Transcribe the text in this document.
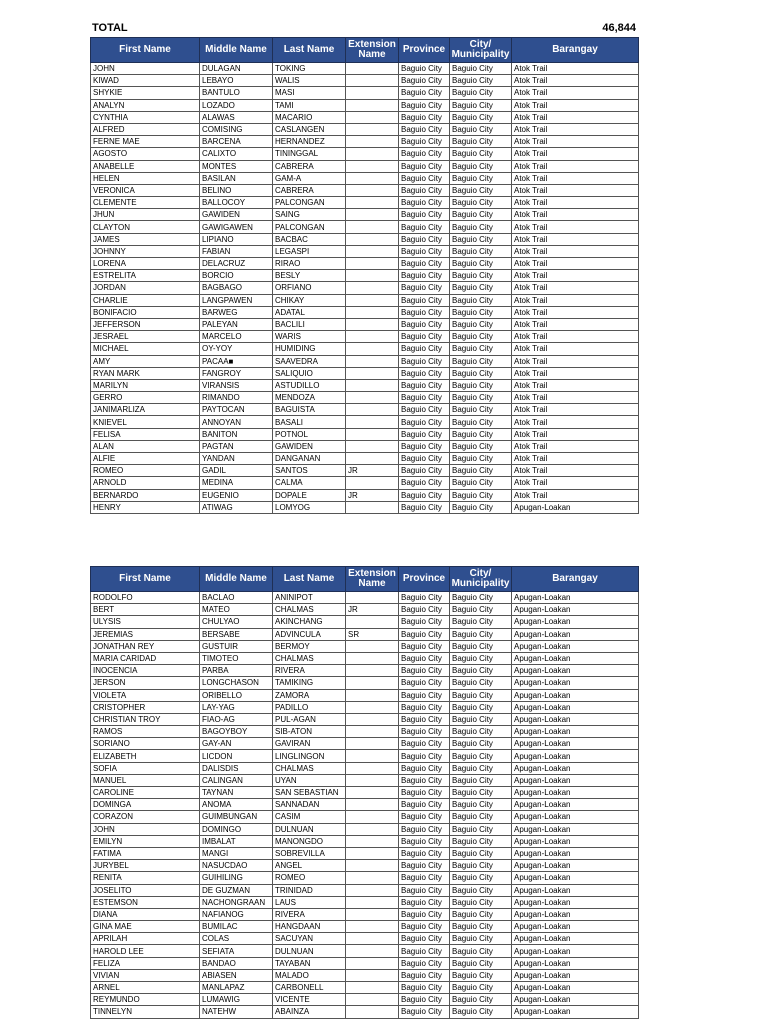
TOTAL	46,844
First Name	Middle Name	Last Name	Extension Name	Province	City/ Municipality	Barangay
JOHN	DULAGAN	TOKING		Baguio City	Baguio City	Atok Trail
KIWAD	LEBAYO	WALIS		Baguio City	Baguio City	Atok Trail
SHYKIE	BANTULO	MASI		Baguio City	Baguio City	Atok Trail
ANALYN	LOZADO	TAMI		Baguio City	Baguio City	Atok Trail
CYNTHIA	ALAWAS	MACARIO		Baguio City	Baguio City	Atok Trail
ALFRED	COMISING	CASLANGEN		Baguio City	Baguio City	Atok Trail
FERNE MAE	BARCENA	HERNANDEZ		Baguio City	Baguio City	Atok Trail
AGOSTO	CALIXTO	TININGGAL		Baguio City	Baguio City	Atok Trail
ANABELLE	MONTES	CABRERA		Baguio City	Baguio City	Atok Trail
HELEN	BASILAN	GAM-A		Baguio City	Baguio City	Atok Trail
VERONICA	BELINO	CABRERA		Baguio City	Baguio City	Atok Trail
CLEMENTE	BALLOCOY	PALCONGAN		Baguio City	Baguio City	Atok Trail
JHUN	GAWIDEN	SAING		Baguio City	Baguio City	Atok Trail
CLAYTON	GAWIGAWEN	PALCONGAN		Baguio City	Baguio City	Atok Trail
JAMES	LIPIANO	BACBAC		Baguio City	Baguio City	Atok Trail
JOHNNY	FABIAN	LEGASPI		Baguio City	Baguio City	Atok Trail
LORENA	DELACRUZ	RIRAO		Baguio City	Baguio City	Atok Trail
ESTRELITA	BORCIO	BESLY		Baguio City	Baguio City	Atok Trail
JORDAN	BAGBAGO	ORFIANO		Baguio City	Baguio City	Atok Trail
CHARLIE	LANGPAWEN	CHIKAY		Baguio City	Baguio City	Atok Trail
BONIFACIO	BARWEG	ADATAL		Baguio City	Baguio City	Atok Trail
JEFFERSON	PALEYAN	BACLILI		Baguio City	Baguio City	Atok Trail
JESRAEL	MARCELO	WARIS		Baguio City	Baguio City	Atok Trail
MICHAEL	OY-YOY	HUMIDING		Baguio City	Baguio City	Atok Trail
AMY	PACAA■	SAAVEDRA		Baguio City	Baguio City	Atok Trail
RYAN MARK	FANGROY	SALIQUIO		Baguio City	Baguio City	Atok Trail
MARILYN	VIRANSIS	ASTUDILLO		Baguio City	Baguio City	Atok Trail
GERRO	RIMANDO	MENDOZA		Baguio City	Baguio City	Atok Trail
JANIMARLIZA	PAYTOCAN	BAGUISTA		Baguio City	Baguio City	Atok Trail
KNIEVEL	ANNOYAN	BASALI		Baguio City	Baguio City	Atok Trail
FELISA	BANITON	POTNOL		Baguio City	Baguio City	Atok Trail
ALAN	PAGTAN	GAWIDEN		Baguio City	Baguio City	Atok Trail
ALFIE	YANDAN	DANGANAN		Baguio City	Baguio City	Atok Trail
ROMEO	GADIL	SANTOS	JR	Baguio City	Baguio City	Atok Trail
ARNOLD	MEDINA	CALMA		Baguio City	Baguio City	Atok Trail
BERNARDO	EUGENIO	DOPALE	JR	Baguio City	Baguio City	Atok Trail
HENRY	ATIWAG	LOMYOG		Baguio City	Baguio City	Apugan-Loakan
First Name	Middle Name	Last Name	Extension Name	Province	City/ Municipality	Barangay
RODOLFO	BACLAO	ANINIPOT		Baguio City	Baguio City	Apugan-Loakan
BERT	MATEO	CHALMAS	JR	Baguio City	Baguio City	Apugan-Loakan
ULYSIS	CHULYAO	AKINCHANG		Baguio City	Baguio City	Apugan-Loakan
JEREMIAS	BERSABE	ADVINCULA	SR	Baguio City	Baguio City	Apugan-Loakan
JONATHAN REY	GUSTUIR	BERMOY		Baguio City	Baguio City	Apugan-Loakan
MARIA CARIDAD	TIMOTEO	CHALMAS		Baguio City	Baguio City	Apugan-Loakan
INOCENCIA	PARBA	RIVERA		Baguio City	Baguio City	Apugan-Loakan
JERSON	LONGCHASON	TAMIKING		Baguio City	Baguio City	Apugan-Loakan
VIOLETA	ORIBELLO	ZAMORA		Baguio City	Baguio City	Apugan-Loakan
CRISTOPHER	LAY-YAG	PADILLO		Baguio City	Baguio City	Apugan-Loakan
CHRISTIAN TROY	FIAO-AG	PUL-AGAN		Baguio City	Baguio City	Apugan-Loakan
RAMOS	BAGOYBOY	SIB-ATON		Baguio City	Baguio City	Apugan-Loakan
SORIANO	GAY-AN	GAVIRAN		Baguio City	Baguio City	Apugan-Loakan
ELIZABETH	LICDON	LINGLINGON		Baguio City	Baguio City	Apugan-Loakan
SOFIA	DALISDIS	CHALMAS		Baguio City	Baguio City	Apugan-Loakan
MANUEL	CALINGAN	UYAN		Baguio City	Baguio City	Apugan-Loakan
CAROLINE	TAYNAN	SAN SEBASTIAN		Baguio City	Baguio City	Apugan-Loakan
DOMINGA	ANOMA	SANNADAN		Baguio City	Baguio City	Apugan-Loakan
CORAZON	GUIMBUNGAN	CASIM		Baguio City	Baguio City	Apugan-Loakan
JOHN	DOMINGO	DULNUAN		Baguio City	Baguio City	Apugan-Loakan
EMILYN	IMBALAT	MANONGDO		Baguio City	Baguio City	Apugan-Loakan
FATIMA	MANGI	SOBREVILLA		Baguio City	Baguio City	Apugan-Loakan
JURYBEL	NASUCDAO	ANGEL		Baguio City	Baguio City	Apugan-Loakan
RENITA	GUIHILING	ROMEO		Baguio City	Baguio City	Apugan-Loakan
JOSELITO	DE GUZMAN	TRINIDAD		Baguio City	Baguio City	Apugan-Loakan
ESTEMSON	NACHONGRAAN	LAUS		Baguio City	Baguio City	Apugan-Loakan
DIANA	NAFIANOG	RIVERA		Baguio City	Baguio City	Apugan-Loakan
GINA MAE	BUMILAC	HANGDAAN		Baguio City	Baguio City	Apugan-Loakan
APRILAH	COLAS	SACUYAN		Baguio City	Baguio City	Apugan-Loakan
HAROLD LEE	SEFIATA	DULNUAN		Baguio City	Baguio City	Apugan-Loakan
FELIZA	BANDAO	TAYABAN		Baguio City	Baguio City	Apugan-Loakan
VIVIAN	ABIASEN	MALADO		Baguio City	Baguio City	Apugan-Loakan
ARNEL	MANLAPAZ	CARBONELL		Baguio City	Baguio City	Apugan-Loakan
REYMUNDO	LUMAWIG	VICENTE		Baguio City	Baguio City	Apugan-Loakan
TINNELYN	NATEHW	ABAINZA		Baguio City	Baguio City	Apugan-Loakan
